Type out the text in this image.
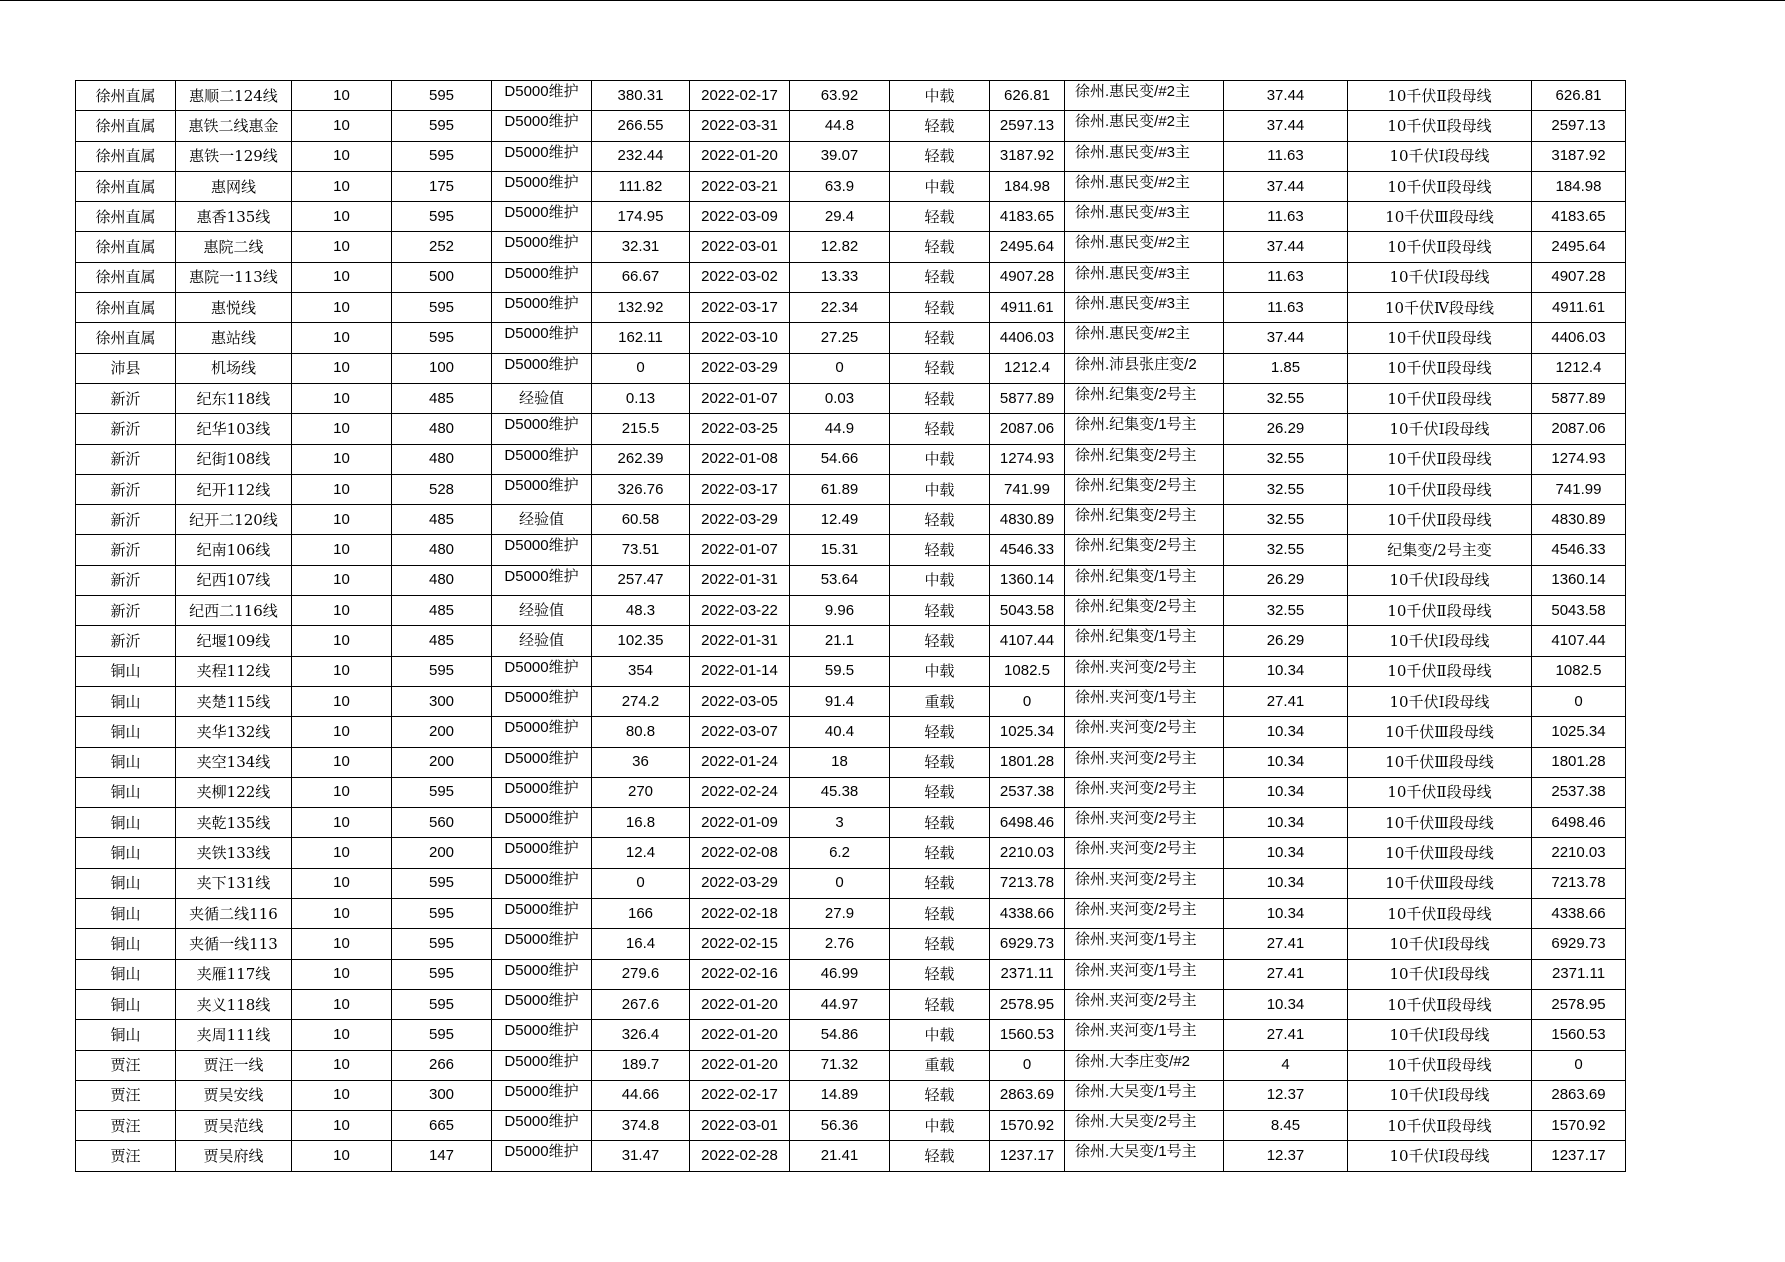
徐州直属	惠顺二124线	10	595	D5000维护	380.31	2022-02-17	63.92	中载	626.81	徐州.惠民变/#2主	37.44	10千伏Ⅱ段母线	626.81
徐州直属	惠铁二线惠金	10	595	D5000维护	266.55	2022-03-31	44.8	轻载	2597.13	徐州.惠民变/#2主	37.44	10千伏Ⅱ段母线	2597.13
徐州直属	惠铁一129线	10	595	D5000维护	232.44	2022-01-20	39.07	轻载	3187.92	徐州.惠民变/#3主	11.63	10千伏Ⅰ段母线	3187.92
徐州直属	惠网线	10	175	D5000维护	111.82	2022-03-21	63.9	中载	184.98	徐州.惠民变/#2主	37.44	10千伏Ⅱ段母线	184.98
徐州直属	惠香135线	10	595	D5000维护	174.95	2022-03-09	29.4	轻载	4183.65	徐州.惠民变/#3主	11.63	10千伏Ⅲ段母线	4183.65
徐州直属	惠院二线	10	252	D5000维护	32.31	2022-03-01	12.82	轻载	2495.64	徐州.惠民变/#2主	37.44	10千伏Ⅱ段母线	2495.64
徐州直属	惠院一113线	10	500	D5000维护	66.67	2022-03-02	13.33	轻载	4907.28	徐州.惠民变/#3主	11.63	10千伏Ⅰ段母线	4907.28
徐州直属	惠悦线	10	595	D5000维护	132.92	2022-03-17	22.34	轻载	4911.61	徐州.惠民变/#3主	11.63	10千伏Ⅳ段母线	4911.61
徐州直属	惠站线	10	595	D5000维护	162.11	2022-03-10	27.25	轻载	4406.03	徐州.惠民变/#2主	37.44	10千伏Ⅱ段母线	4406.03
沛县	机场线	10	100	D5000维护	0	2022-03-29	0	轻载	1212.4	徐州.沛县张庄变/2	1.85	10千伏Ⅱ段母线	1212.4
新沂	纪东118线	10	485	经验值	0.13	2022-01-07	0.03	轻载	5877.89	徐州.纪集变/2号主	32.55	10千伏Ⅱ段母线	5877.89
新沂	纪华103线	10	480	D5000维护	215.5	2022-03-25	44.9	轻载	2087.06	徐州.纪集变/1号主	26.29	10千伏Ⅰ段母线	2087.06
新沂	纪街108线	10	480	D5000维护	262.39	2022-01-08	54.66	中载	1274.93	徐州.纪集变/2号主	32.55	10千伏Ⅱ段母线	1274.93
新沂	纪开112线	10	528	D5000维护	326.76	2022-03-17	61.89	中载	741.99	徐州.纪集变/2号主	32.55	10千伏Ⅱ段母线	741.99
新沂	纪开二120线	10	485	经验值	60.58	2022-03-29	12.49	轻载	4830.89	徐州.纪集变/2号主	32.55	10千伏Ⅱ段母线	4830.89
新沂	纪南106线	10	480	D5000维护	73.51	2022-01-07	15.31	轻载	4546.33	徐州.纪集变/2号主	32.55	纪集变/2号主变	4546.33
新沂	纪西107线	10	480	D5000维护	257.47	2022-01-31	53.64	中载	1360.14	徐州.纪集变/1号主	26.29	10千伏Ⅰ段母线	1360.14
新沂	纪西二116线	10	485	经验值	48.3	2022-03-22	9.96	轻载	5043.58	徐州.纪集变/2号主	32.55	10千伏Ⅱ段母线	5043.58
新沂	纪堰109线	10	485	经验值	102.35	2022-01-31	21.1	轻载	4107.44	徐州.纪集变/1号主	26.29	10千伏Ⅰ段母线	4107.44
铜山	夹程112线	10	595	D5000维护	354	2022-01-14	59.5	中载	1082.5	徐州.夹河变/2号主	10.34	10千伏Ⅱ段母线	1082.5
铜山	夹楚115线	10	300	D5000维护	274.2	2022-03-05	91.4	重载	0	徐州.夹河变/1号主	27.41	10千伏Ⅰ段母线	0
铜山	夹华132线	10	200	D5000维护	80.8	2022-03-07	40.4	轻载	1025.34	徐州.夹河变/2号主	10.34	10千伏Ⅲ段母线	1025.34
铜山	夹空134线	10	200	D5000维护	36	2022-01-24	18	轻载	1801.28	徐州.夹河变/2号主	10.34	10千伏Ⅲ段母线	1801.28
铜山	夹柳122线	10	595	D5000维护	270	2022-02-24	45.38	轻载	2537.38	徐州.夹河变/2号主	10.34	10千伏Ⅱ段母线	2537.38
铜山	夹乾135线	10	560	D5000维护	16.8	2022-01-09	3	轻载	6498.46	徐州.夹河变/2号主	10.34	10千伏Ⅲ段母线	6498.46
铜山	夹铁133线	10	200	D5000维护	12.4	2022-02-08	6.2	轻载	2210.03	徐州.夹河变/2号主	10.34	10千伏Ⅲ段母线	2210.03
铜山	夹下131线	10	595	D5000维护	0	2022-03-29	0	轻载	7213.78	徐州.夹河变/2号主	10.34	10千伏Ⅲ段母线	7213.78
铜山	夹循二线116	10	595	D5000维护	166	2022-02-18	27.9	轻载	4338.66	徐州.夹河变/2号主	10.34	10千伏Ⅱ段母线	4338.66
铜山	夹循一线113	10	595	D5000维护	16.4	2022-02-15	2.76	轻载	6929.73	徐州.夹河变/1号主	27.41	10千伏Ⅰ段母线	6929.73
铜山	夹雁117线	10	595	D5000维护	279.6	2022-02-16	46.99	轻载	2371.11	徐州.夹河变/1号主	27.41	10千伏Ⅰ段母线	2371.11
铜山	夹义118线	10	595	D5000维护	267.6	2022-01-20	44.97	轻载	2578.95	徐州.夹河变/2号主	10.34	10千伏Ⅱ段母线	2578.95
铜山	夹周111线	10	595	D5000维护	326.4	2022-01-20	54.86	中载	1560.53	徐州.夹河变/1号主	27.41	10千伏Ⅰ段母线	1560.53
贾汪	贾汪一线	10	266	D5000维护	189.7	2022-01-20	71.32	重载	0	徐州.大李庄变/#2	4	10千伏Ⅱ段母线	0
贾汪	贾吴安线	10	300	D5000维护	44.66	2022-02-17	14.89	轻载	2863.69	徐州.大吴变/1号主	12.37	10千伏Ⅰ段母线	2863.69
贾汪	贾吴范线	10	665	D5000维护	374.8	2022-03-01	56.36	中载	1570.92	徐州.大吴变/2号主	8.45	10千伏Ⅱ段母线	1570.92
贾汪	贾吴府线	10	147	D5000维护	31.47	2022-02-28	21.41	轻载	1237.17	徐州.大吴变/1号主	12.37	10千伏Ⅰ段母线	1237.17
